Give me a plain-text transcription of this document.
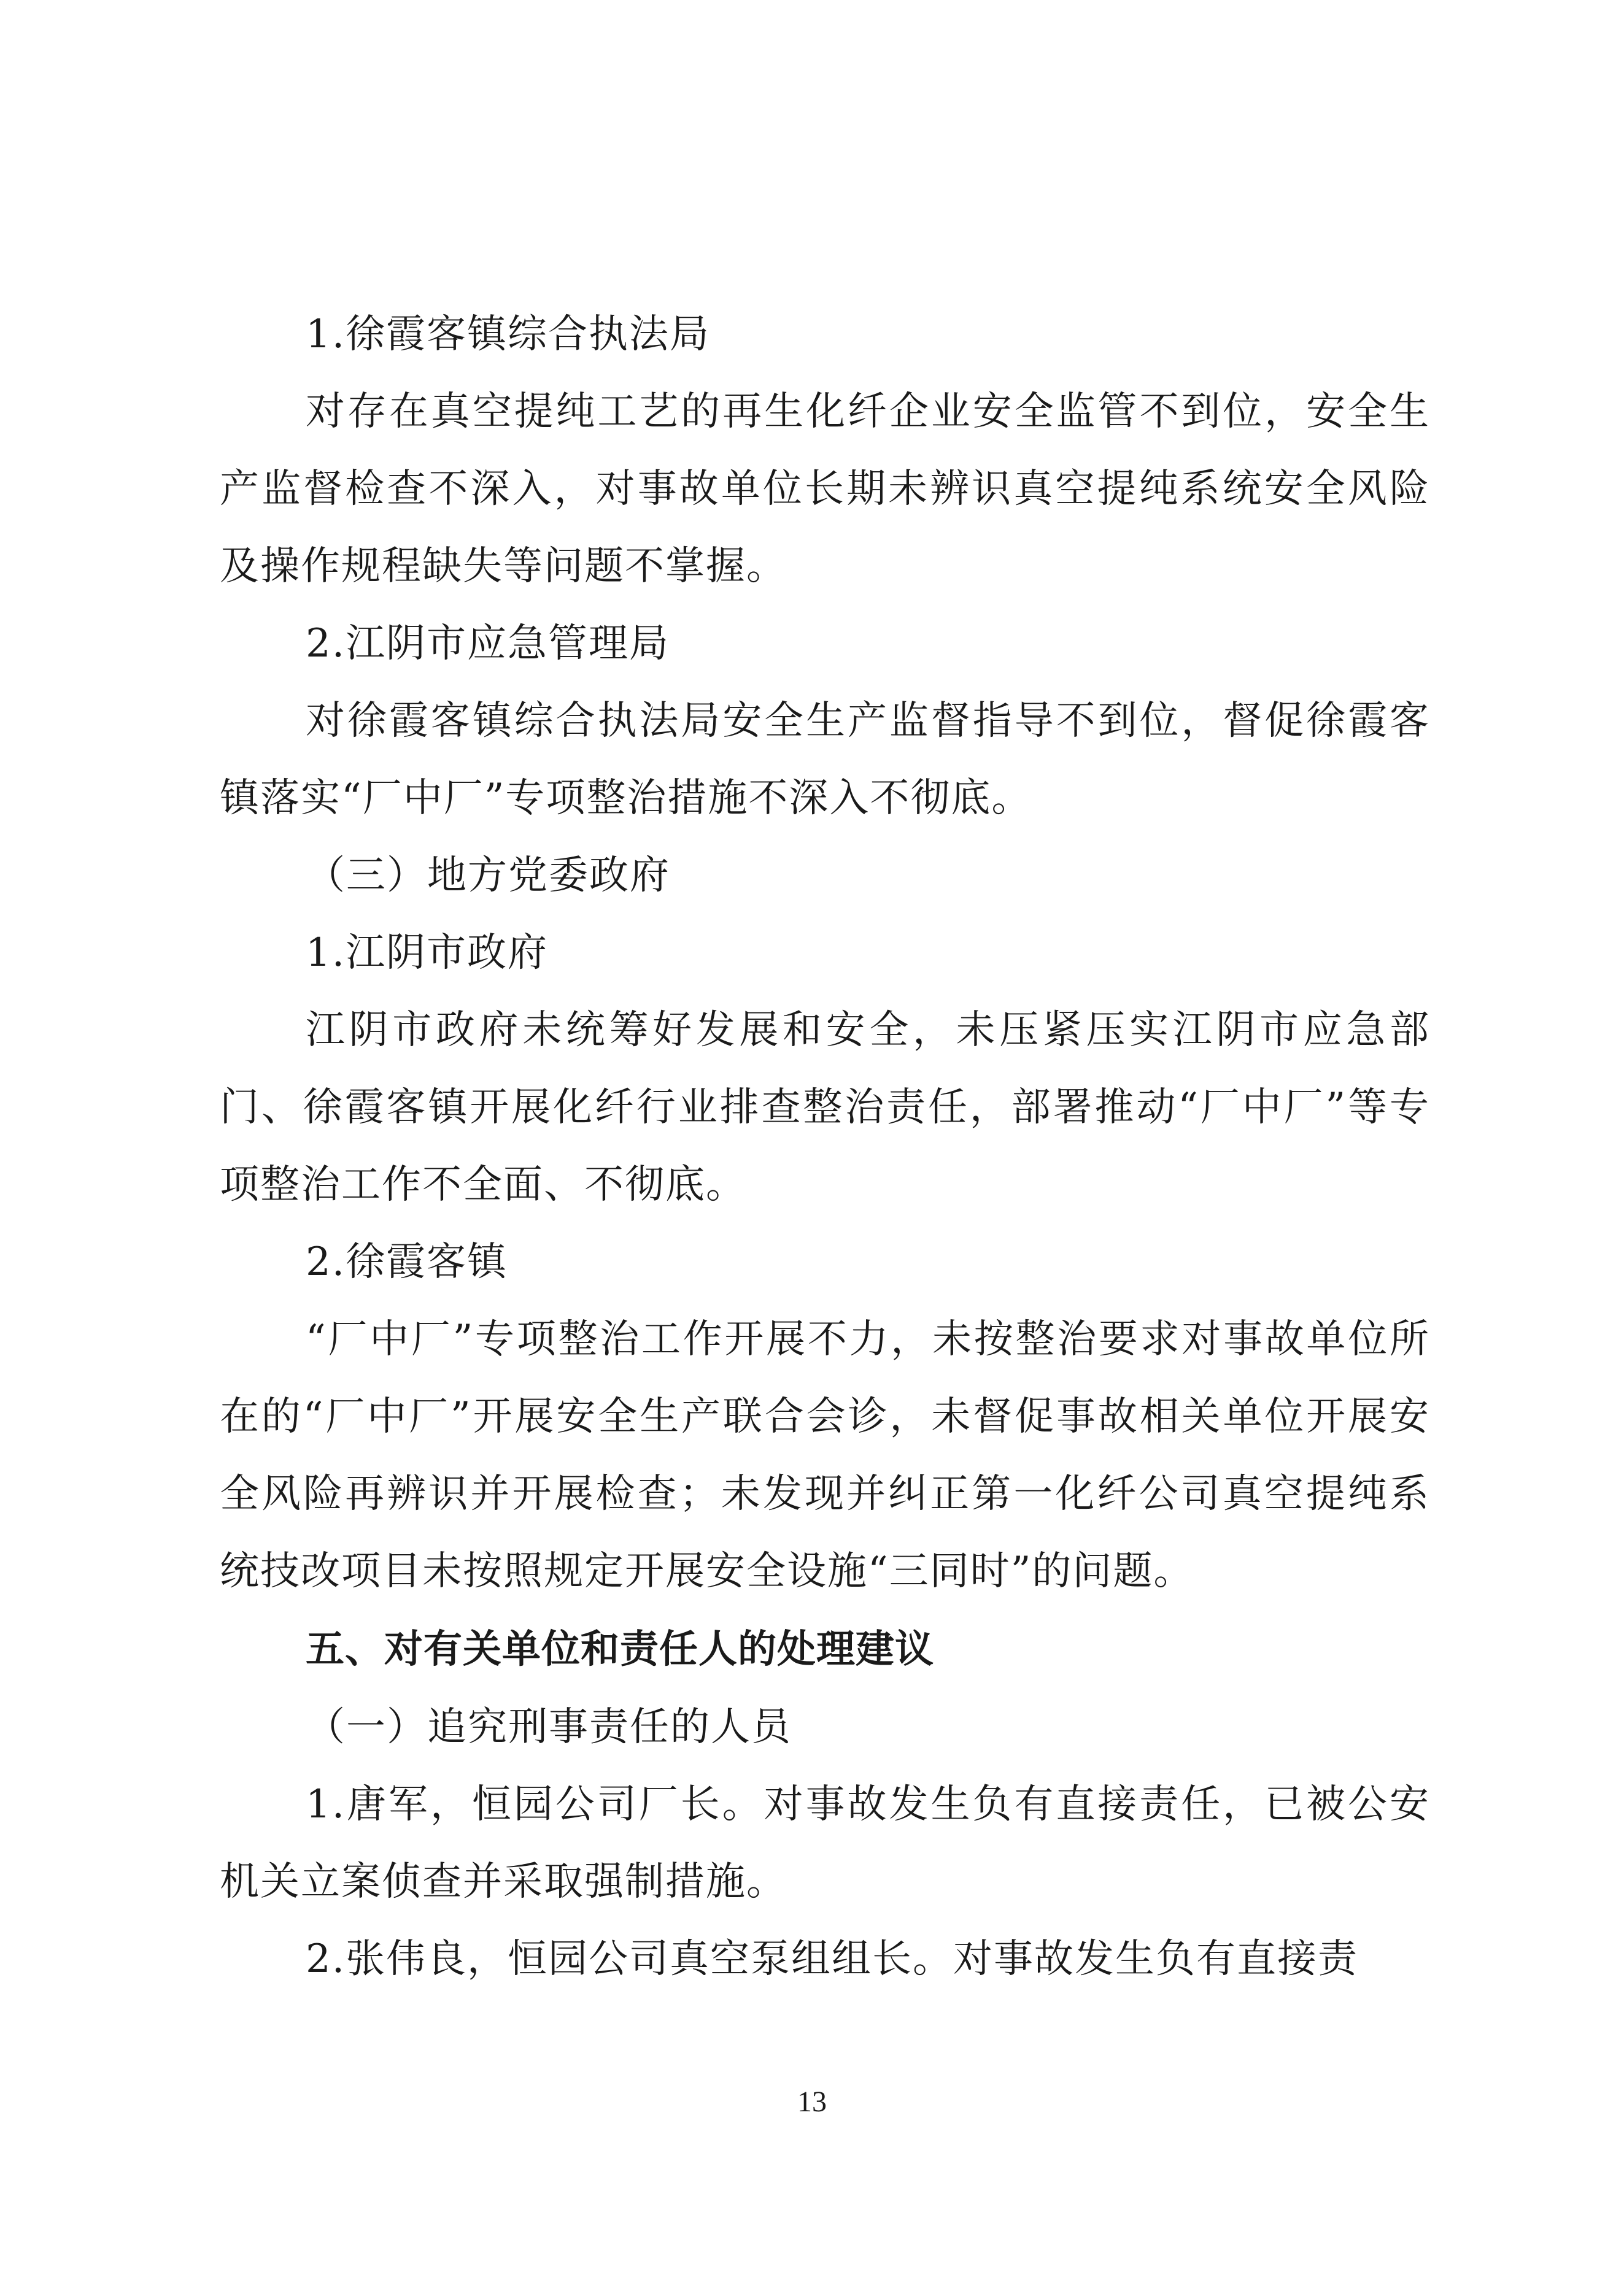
1.徐霞客镇综合执法局

对存在真空提纯工艺的再生化纤企业安全监管不到位，安全生产监督检查不深入，对事故单位长期未辨识真空提纯系统安全风险及操作规程缺失等问题不掌握。

2.江阴市应急管理局

对徐霞客镇综合执法局安全生产监督指导不到位，督促徐霞客镇落实“厂中厂”专项整治措施不深入不彻底。

（三）地方党委政府

1.江阴市政府

江阴市政府未统筹好发展和安全，未压紧压实江阴市应急部门、徐霞客镇开展化纤行业排查整治责任，部署推动“厂中厂”等专项整治工作不全面、不彻底。

2.徐霞客镇

“厂中厂”专项整治工作开展不力，未按整治要求对事故单位所在的“厂中厂”开展安全生产联合会诊，未督促事故相关单位开展安全风险再辨识并开展检查；未发现并纠正第一化纤公司真空提纯系统技改项目未按照规定开展安全设施“三同时”的问题。

五、对有关单位和责任人的处理建议

（一）追究刑事责任的人员

1.唐军，恒园公司厂长。对事故发生负有直接责任，已被公安机关立案侦查并采取强制措施。

2.张伟良，恒园公司真空泵组组长。对事故发生负有直接责

13
